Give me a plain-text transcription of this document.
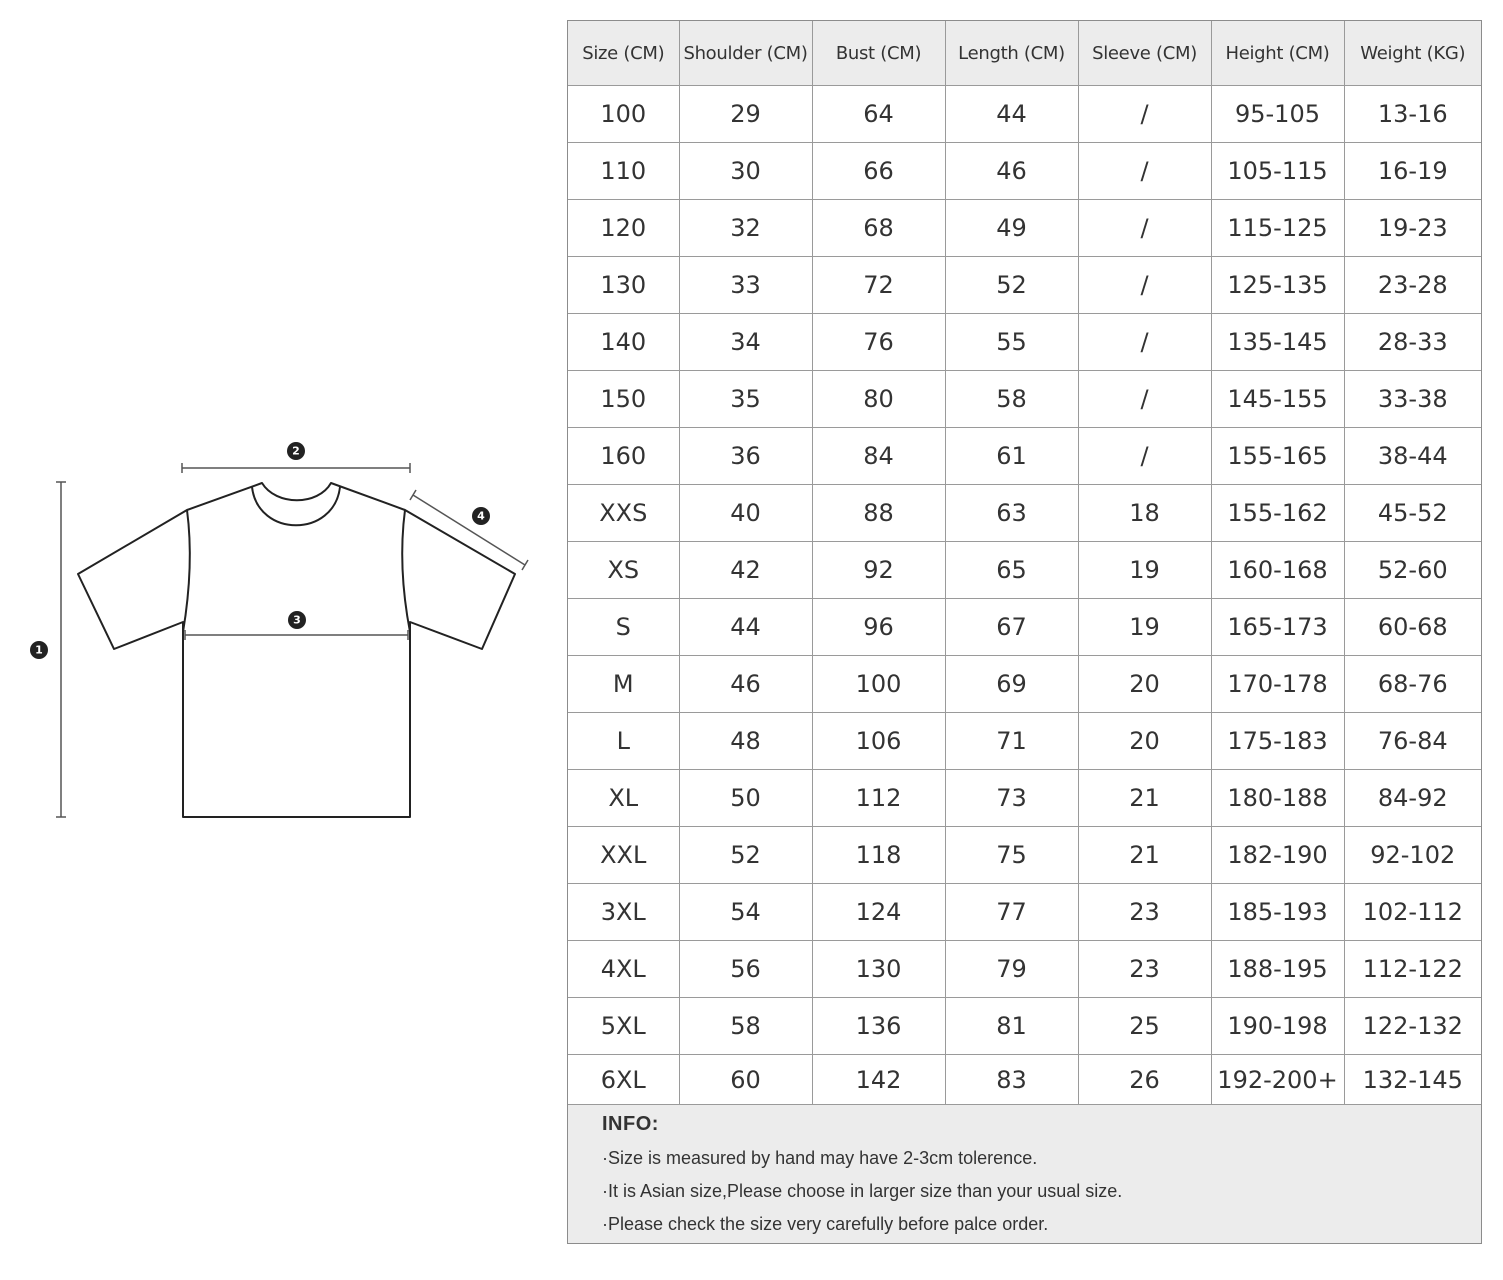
1
2
3
4
Size (CM)	Shoulder (CM)	Bust (CM)	Length (CM)	Sleeve (CM)	Height (CM)	Weight (KG)
100	29	64	44	/	95-105	13-16
110	30	66	46	/	105-115	16-19
120	32	68	49	/	115-125	19-23
130	33	72	52	/	125-135	23-28
140	34	76	55	/	135-145	28-33
150	35	80	58	/	145-155	33-38
160	36	84	61	/	155-165	38-44
XXS	40	88	63	18	155-162	45-52
XS	42	92	65	19	160-168	52-60
S	44	96	67	19	165-173	60-68
M	46	100	69	20	170-178	68-76
L	48	106	71	20	175-183	76-84
XL	50	112	73	21	180-188	84-92
XXL	52	118	75	21	182-190	92-102
3XL	54	124	77	23	185-193	102-112
4XL	56	130	79	23	188-195	112-122
5XL	58	136	81	25	190-198	122-132
6XL	60	142	83	26	192-200+	132-145
INFO:
·Size is measured by hand may have 2-3cm tolerence.
·It is Asian size,Please choose in larger size than your usual size.
·Please check the size very carefully before palce order.
